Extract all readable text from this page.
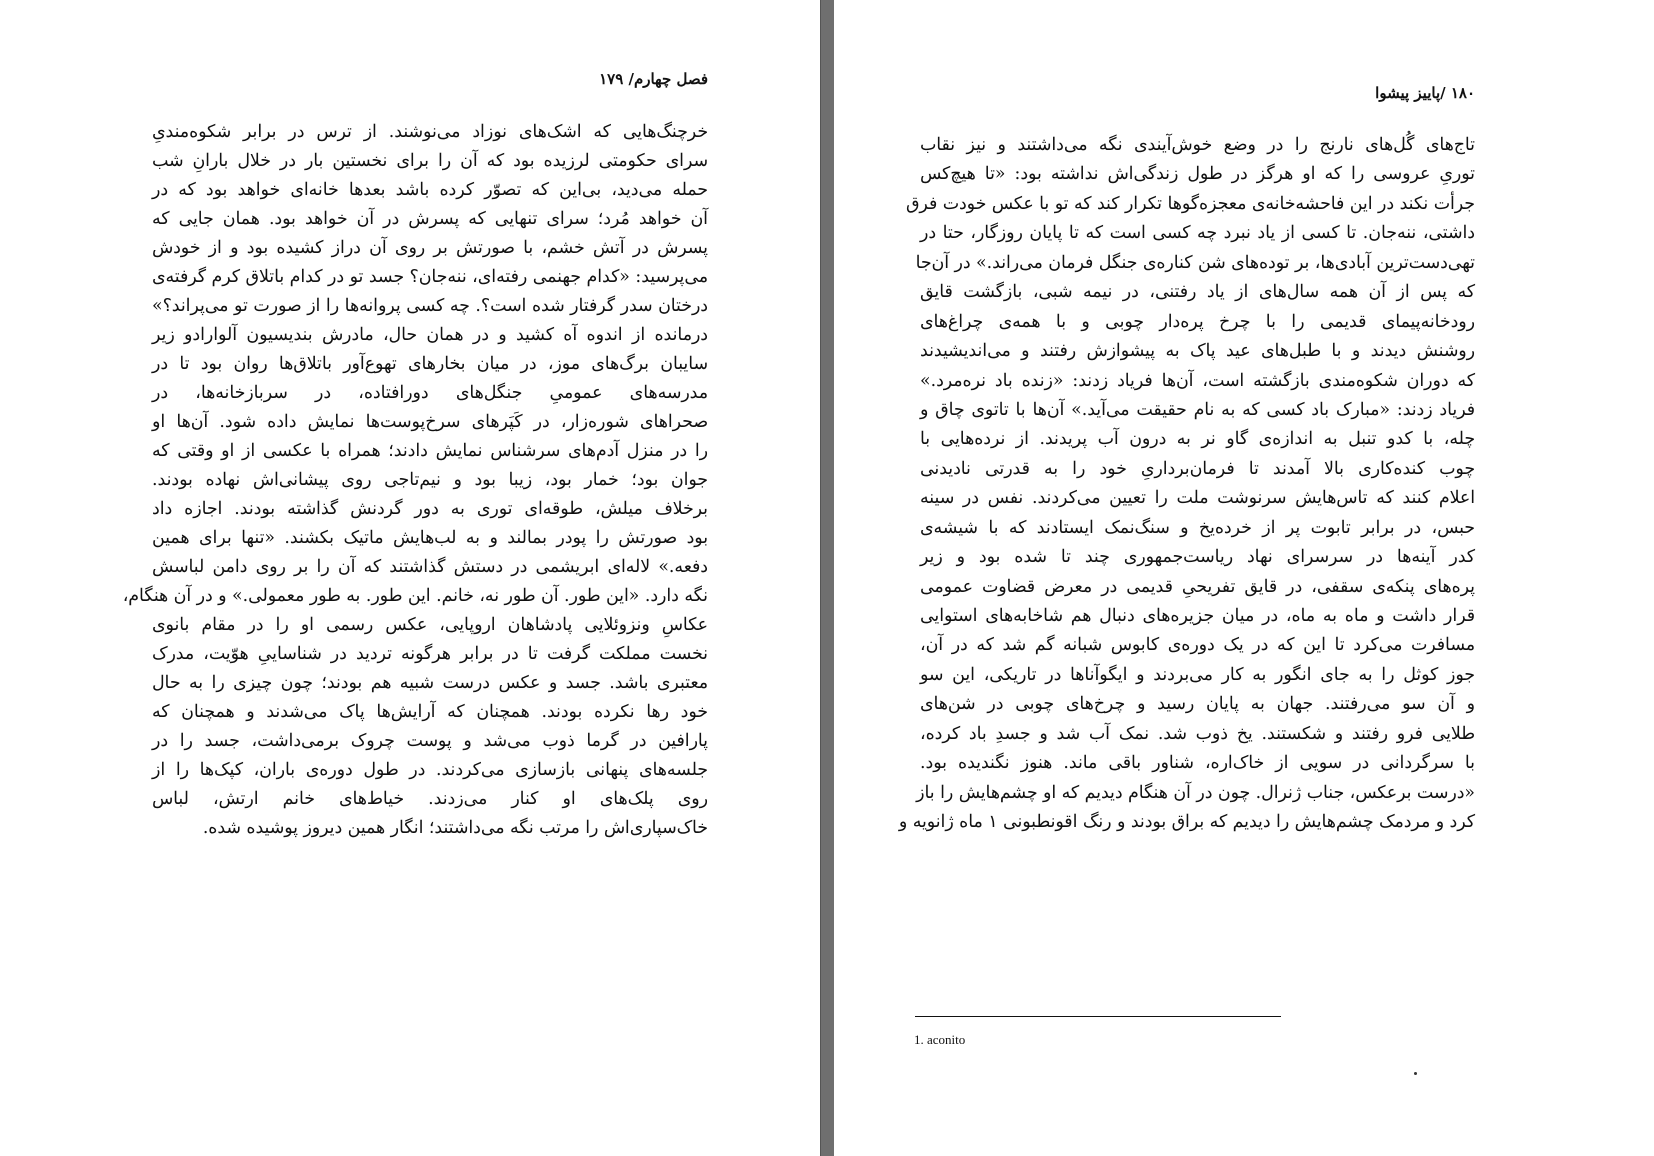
فصل چهارم/ ۱۷۹
خرچنگ‌هایی که اشک‌های نوزاد می‌نوشند. از ترس در برابر شکوه‌مندیِ
سرای حکومتی لرزیده بود که آن را برای نخستین بار در خلال بارانِ شب
حمله می‌دید، بی‌این که تصوّر کرده باشد بعدها خانه‌ای خواهد بود که در
آن خواهد مُرد؛ سرای تنهایی که پسرش در آن خواهد بود. همان جایی که
پسرش در آتش خشم، با صورتش بر روی آن دراز کشیده بود و از خودش
می‌پرسید: «کدام جهنمی رفته‌ای، ننه‌جان؟ جسد تو در کدام باتلاق کرم گرفته‌ی
درختان سدر گرفتار شده است؟. چه کسی پروانه‌ها را از صورت تو می‌پراند؟»
درمانده از اندوه آه کشید و در همان حال، مادرش بندیسیون آلوارادو زیر
سایبان برگ‌های موز، در میان بخارهای تهوع‌آور باتلاق‌ها روان بود تا در
مدرسه‌های عمومیِ جنگل‌های دورافتاده، در سربازخانه‌ها، در
صحراهای شوره‌زار، در کَپَرهای سرخ‌پوست‌ها نمایش داده شود. آن‌ها او
را در منزل آدم‌های سرشناس نمایش دادند؛ همراه با عکسی از او وقتی که
جوان بود؛ خمار بود، زیبا بود و نیم‌تاجی روی پیشانی‌اش نهاده بودند.
برخلاف میلش، طوقه‌ای توری به دور گردنش گذاشته بودند. اجازه داد
بود صورتش را پودر بمالند و به لب‌هایش ماتیک بکشند. «تنها برای همین
دفعه.» لاله‌ای ابریشمی در دستش گذاشتند که آن را بر روی دامن لباسش
نگه دارد. «این طور. آن طور نه، خانم. این طور. به طور معمولی.» و در آن هنگام،
عکاسِ ونزوئلایی پادشاهان اروپایی، عکس رسمی او را در مقام بانوی
نخست مملکت گرفت تا در برابر هرگونه تردید در شناساییِ هوّیت، مدرک
معتبری باشد. جسد و عکس درست شبیه هم بودند؛ چون چیزی را به حال
خود رها نکرده بودند. همچنان که آرایش‌ها پاک می‌شدند و همچنان که
پارافین در گرما ذوب می‌شد و پوست چروک برمی‌داشت، جسد را در
جلسه‌های پنهانی بازسازی می‌کردند. در طول دوره‌ی باران، کپک‌ها را از
روی پلک‌های او کنار می‌زدند. خیاط‌های خانم ارتش، لباس
خاک‌سپاری‌اش را مرتب نگه می‌داشتند؛ انگار همین دیروز پوشیده شده.
۱۸۰ /پاییز پیشوا
تاج‌های گُل‌های نارنج را در وضع خوش‌آیندی نگه می‌داشتند و نیز نقاب
توریِ عروسی را که او هرگز در طول زندگی‌اش نداشته بود: «تا هیچ‌کس
جرأت نکند در این فاحشه‌خانه‌ی معجزه‌گوها تکرار کند که تو با عکس خودت فرق
داشتی، ننه‌جان. تا کسی از یاد نبرد چه کسی است که تا پایان روزگار، حتا در
تهی‌دست‌ترین آبادی‌ها، بر توده‌های شن کناره‌ی جنگل فرمان می‌راند.» در آن‌جا
که پس از آن همه سال‌های از یاد رفتنی، در نیمه شبی، بازگشت قایق
رودخانه‌پیمای قدیمی را با چرخ پره‌دار چوبی و با همه‌ی چراغ‌های
روشنش دیدند و با طبل‌های عید پاک به پیشوازش رفتند و می‌اندیشیدند
که دوران شکوه‌مندی بازگشته است، آن‌ها فریاد زدند: «زنده باد نره‌مرد.»
فریاد زدند: «مبارک باد کسی که به نام حقیقت می‌آید.» آن‌ها با تاتوی چاق و
چله، با کدو تنبل به اندازه‌ی گاو نر به درون آب پریدند. از نرده‌هایی با
چوب کنده‌کاری بالا آمدند تا فرمان‌برداریِ خود را به قدرتی نادیدنی
اعلام کنند که تاس‌هایش سرنوشت ملت را تعیین می‌کردند. نفس در سینه
حبس، در برابر تابوت پر از خرده‌یخ و سنگ‌نمک ایستادند که با شیشه‌ی
کدر آینه‌ها در سرسرای نهاد ریاست‌جمهوری چند تا شده بود و زیر
پره‌های پنکه‌ی سقفی، در قایق تفریحیِ قدیمی در معرض قضاوت عمومی
قرار داشت و ماه به ماه، در میان جزیره‌های دنبال هم شاخابه‌های استوایی
مسافرت می‌کرد تا این که در یک دوره‌ی کابوس شبانه گم شد که در آن،
جوز کوثل را به جای انگور به کار می‌بردند و ایگوآناها در تاریکی، این سو
و آن سو می‌رفتند. جهان به پایان رسید و چرخ‌های چوبی در شن‌های
طلایی فرو رفتند و شکستند. یخ ذوب شد. نمک آب شد و جسدِ باد کرده،
با سرگردانی در سویی از خاک‌اره، شناور باقی ماند. هنوز نگندیده بود.
«درست برعکس، جناب ژنرال. چون در آن هنگام دیدیم که او چشم‌هایش را باز
کرد و مردمک چشم‌هایش را دیدیم که براق بودند و رنگ اقونطبونی ۱ ماه ژانویه و
1. aconito
